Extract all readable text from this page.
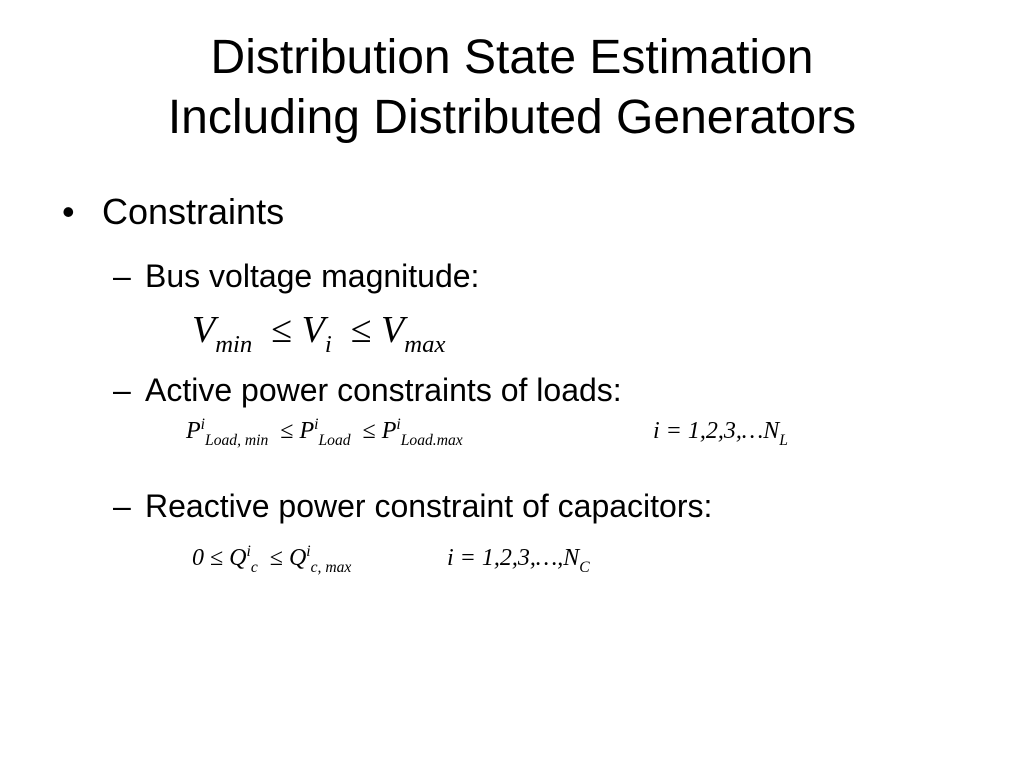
Distribution State Estimation
Including Distributed Generators
• Constraints
– Bus voltage magnitude:
$V_{min} \le V_i \le V_{max}$
– Active power constraints of loads:
$P^i_{Load, min} \le P^i_{Load} \le P^i_{Load.max}$	$i = 1,2,3,\dots N_L$
– Reactive power constraint of capacitors:
$0 \le Q^i_c \le Q^i_{c, max}$	$i = 1,2,3,\dots,N_C$
